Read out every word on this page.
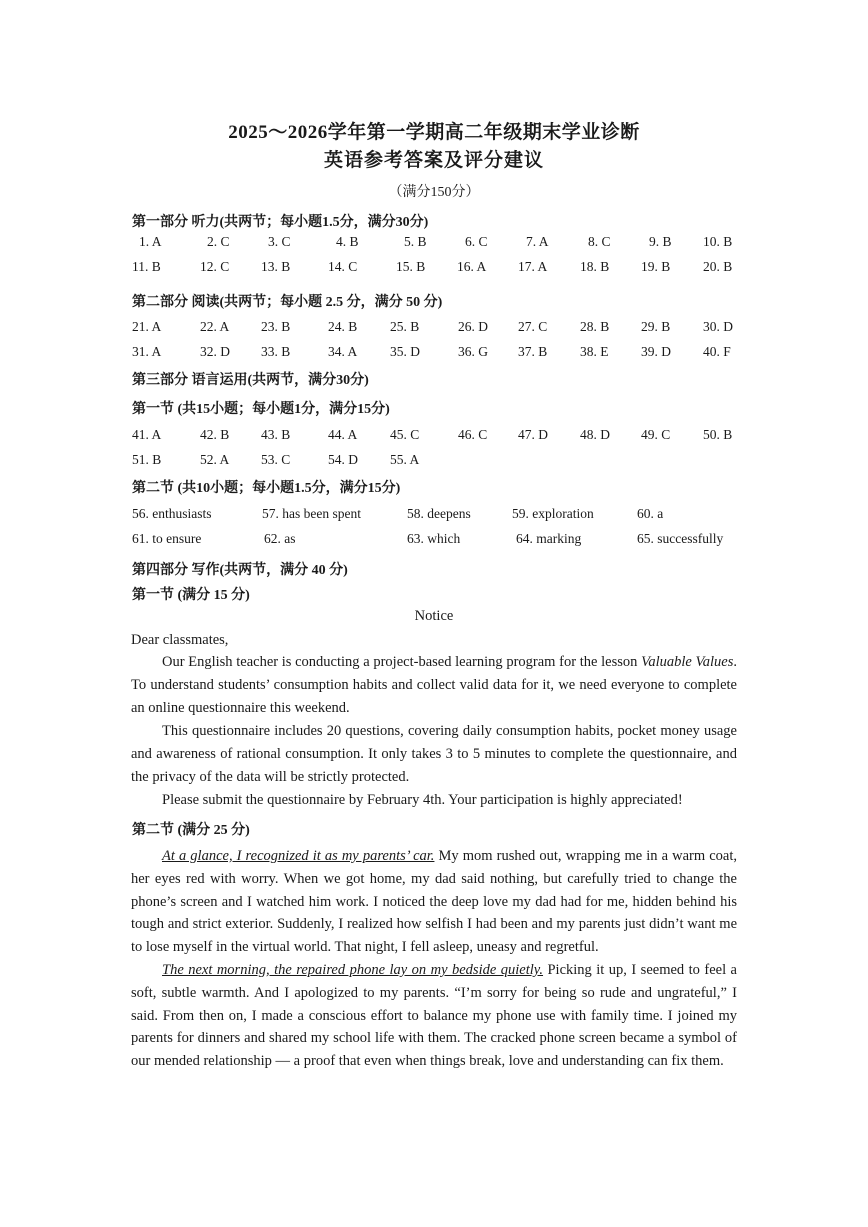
2025～2026学年第一学期高二年级期末学业诊断
英语参考答案及评分建议
（满分150分）
第一部分 听力(共两节；每小题1.5分，满分30分)
1. A	2. C	3. C	4. B	5. B	6. C	7. A	8. C	9. B 10. B
11. B	12. C 13. B	14. C	15. B 16. A 17. A 18. B 19. B 20. B
第二部分 阅读(共两节；每小题 2.5 分，满分 50 分)
21. A	22. A 23. B	24. B 25. B	26. D 27. C 28. B 29. B 30. D
31. A	32. D 33. B	34. A 35. D	36. G 37. B 38. E 39. D 40. F
第三部分 语言运用(共两节，满分30分)
第一节 (共15小题；每小题1分，满分15分)
41. A	42. B 43. B	44. A 45. C	46. C 47. D 48. D 49. C 50. B
51. B	52. A 53. C	54. D 55. A
第二节 (共10小题；每小题1.5分，满分15分)
56. enthusiasts	57. has been spent	58. deepens	59. exploration	60. a
61. to ensure	62. as	63. which	64. marking	65. successfully
第四部分 写作(共两节，满分 40 分)
第一节 (满分 15 分)
Notice
Dear classmates,
Our English teacher is conducting a project-based learning program for the lesson Valuable Values. To understand students’ consumption habits and collect valid data for it, we need everyone to complete an online questionnaire this weekend.
This questionnaire includes 20 questions, covering daily consumption habits, pocket money usage and awareness of rational consumption. It only takes 3 to 5 minutes to complete the questionnaire, and the privacy of the data will be strictly protected.
Please submit the questionnaire by February 4th. Your participation is highly appreciated!
第二节 (满分 25 分)
At a glance, I recognized it as my parents’ car. My mom rushed out, wrapping me in a warm coat, her eyes red with worry. When we got home, my dad said nothing, but carefully tried to change the phone’s screen and I watched him work. I noticed the deep love my dad had for me, hidden behind his tough and strict exterior. Suddenly, I realized how selfish I had been and my parents just didn’t want me to lose myself in the virtual world. That night, I fell asleep, uneasy and regretful.
The next morning, the repaired phone lay on my bedside quietly. Picking it up, I seemed to feel a soft, subtle warmth. And I apologized to my parents. “I’m sorry for being so rude and ungrateful,” I said. From then on, I made a conscious effort to balance my phone use with family time. I joined my parents for dinners and shared my school life with them. The cracked phone screen became a symbol of our mended relationship — a proof that even when things break, love and understanding can fix them.
